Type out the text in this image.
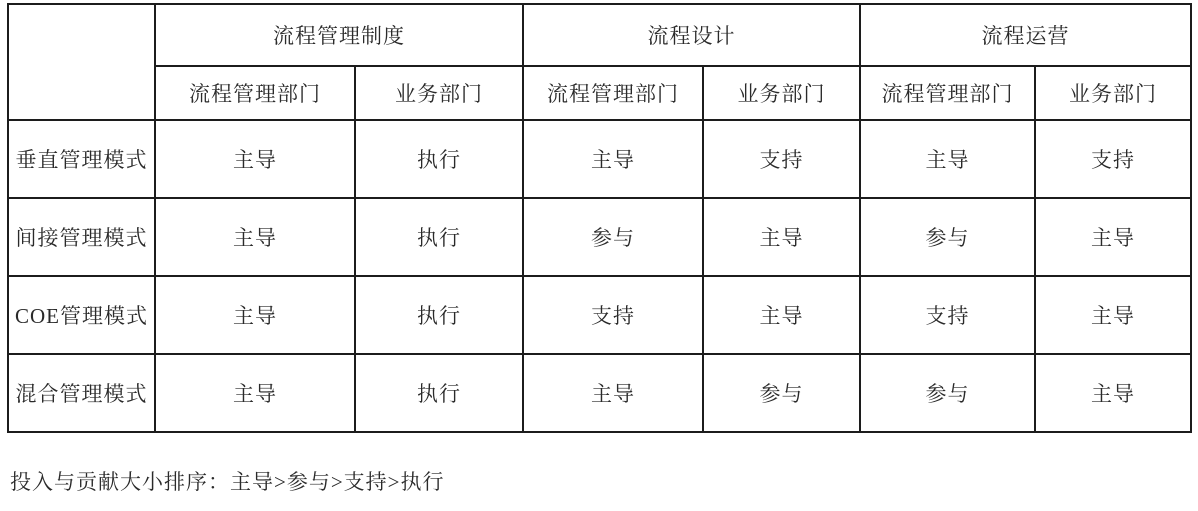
	流程管理制度		流程设计		流程运营	
	流程管理部门	业务部门	流程管理部门	业务部门	流程管理部门	业务部门
垂直管理模式	主导	执行	主导	支持	主导	支持
间接管理模式	主导	执行	参与	主导	参与	主导
COE管理模式	主导	执行	支持	主导	支持	主导
混合管理模式	主导	执行	主导	参与	参与	主导
投入与贡献大小排序：主导>参与>支持>执行
